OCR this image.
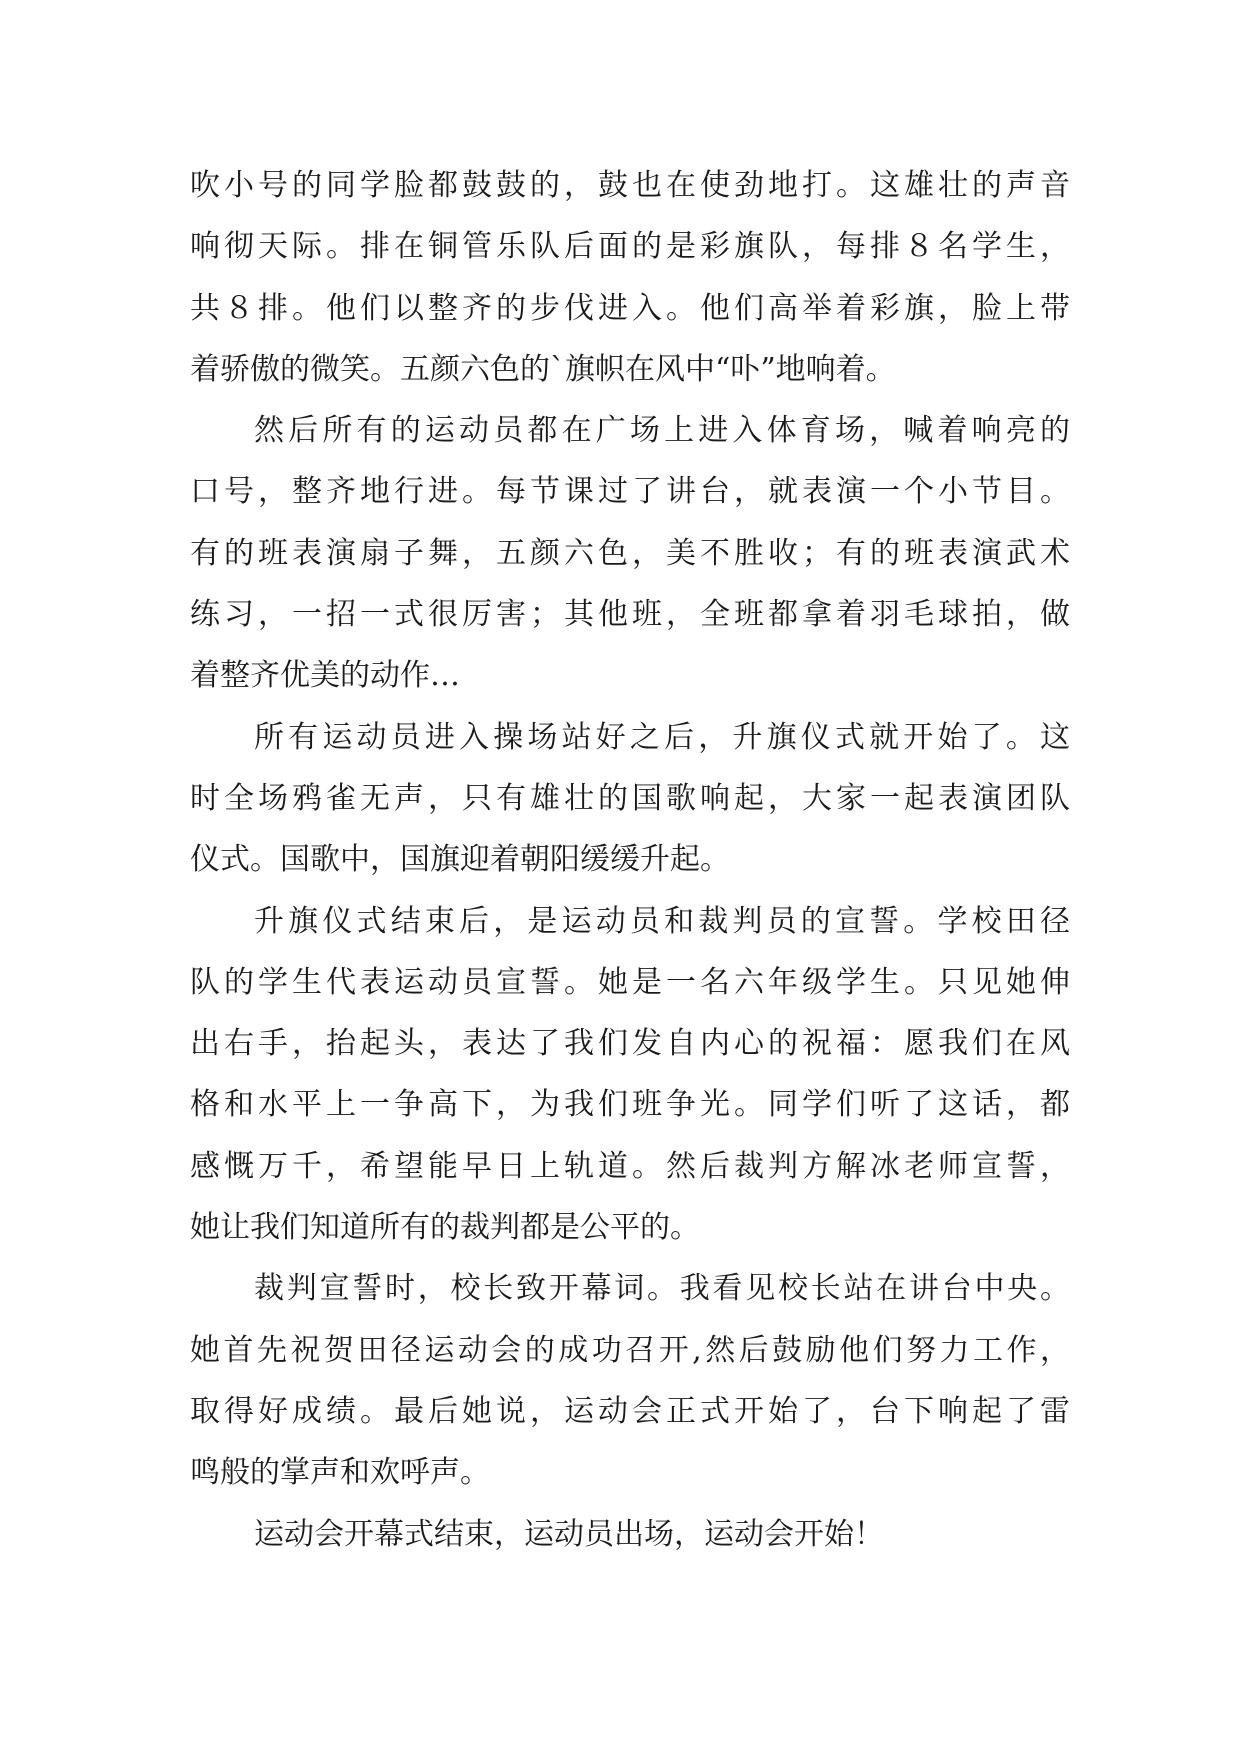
吹小号的同学脸都鼓鼓的，鼓也在使劲地打。这雄壮的声音
响彻天际。排在铜管乐队后面的是彩旗队，每排８名学生，
共８排。他们以整齐的步伐进入。他们高举着彩旗，脸上带
着骄傲的微笑。五颜六色的`旗帜在风中“卟”地响着。
然后所有的运动员都在广场上进入体育场，喊着响亮的
口号，整齐地行进。每节课过了讲台，就表演一个小节目。
有的班表演扇子舞，五颜六色，美不胜收；有的班表演武术
练习，一招一式很厉害；其他班，全班都拿着羽毛球拍，做
着整齐优美的动作…
所有运动员进入操场站好之后，升旗仪式就开始了。这
时全场鸦雀无声，只有雄壮的国歌响起，大家一起表演团队
仪式。国歌中，国旗迎着朝阳缓缓升起。
升旗仪式结束后，是运动员和裁判员的宣誓。学校田径
队的学生代表运动员宣誓。她是一名六年级学生。只见她伸
出右手，抬起头，表达了我们发自内心的祝福：愿我们在风
格和水平上一争高下，为我们班争光。同学们听了这话，都
感慨万千，希望能早日上轨道。然后裁判方解冰老师宣誓，
她让我们知道所有的裁判都是公平的。
裁判宣誓时，校长致开幕词。我看见校长站在讲台中央。
她首先祝贺田径运动会的成功召开,然后鼓励他们努力工作，
取得好成绩。最后她说，运动会正式开始了，台下响起了雷
鸣般的掌声和欢呼声。
运动会开幕式结束，运动员出场，运动会开始！
